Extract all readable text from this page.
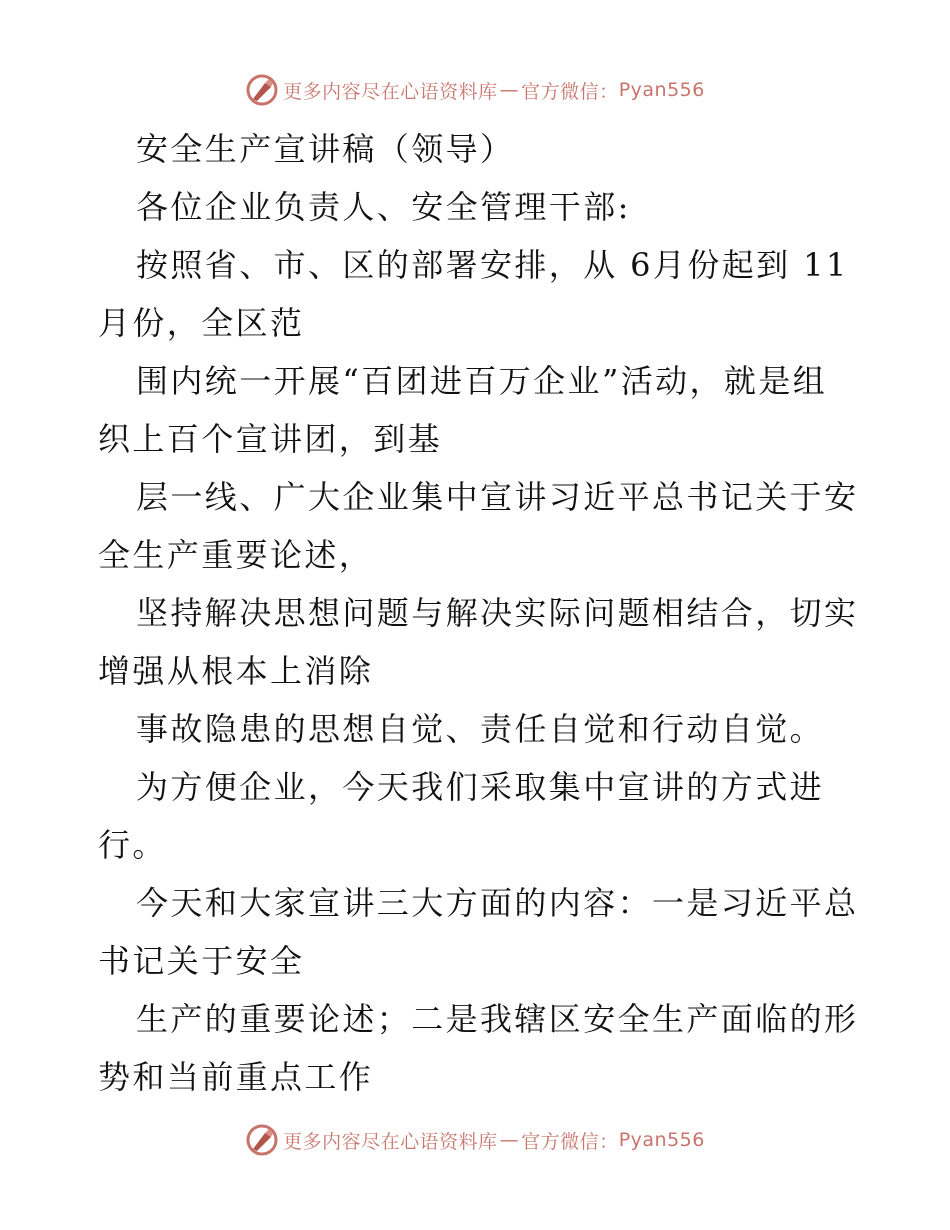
更多内容尽在心语资料库 — 官方微信： Pyan556
安全生产宣讲稿（领导）
各位企业负责人、安全管理干部:
按照省、市、区的部署安排，从 6月份起到 11
月份，全区范
围内统一开展“百团进百万企业”活动，就是组
织上百个宣讲团，到基
层一线、广大企业集中宣讲习近平总书记关于安
全生产重要论述，
坚持解决思想问题与解决实际问题相结合，切实
增强从根本上消除
事故隐患的思想自觉、责任自觉和行动自觉。
为方便企业，今天我们采取集中宣讲的方式进
行。
今天和大家宣讲三大方面的内容：一是习近平总
书记关于安全
生产的重要论述；二是我辖区安全生产面临的形
势和当前重点工作
更多内容尽在心语资料库 — 官方微信： Pyan556
